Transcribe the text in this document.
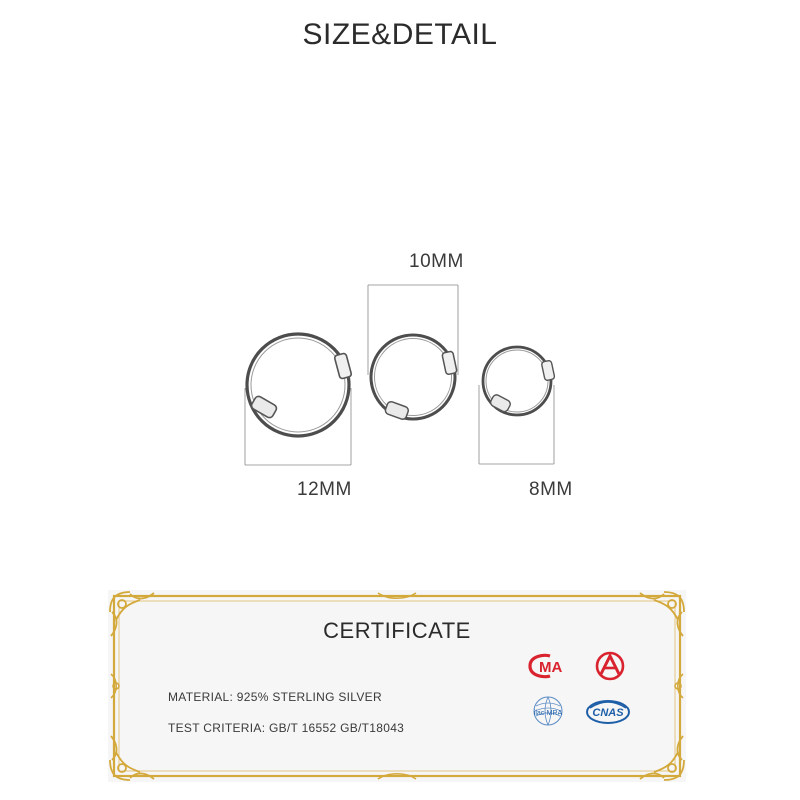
SIZE&DETAIL
12MM
10MM
8MM
CERTIFICATE
MATERIAL: 925% STERLING SILVER
TEST CRITERIA: GB/T 16552 GB/T18043
MA
ilac-MRA	CNAS
